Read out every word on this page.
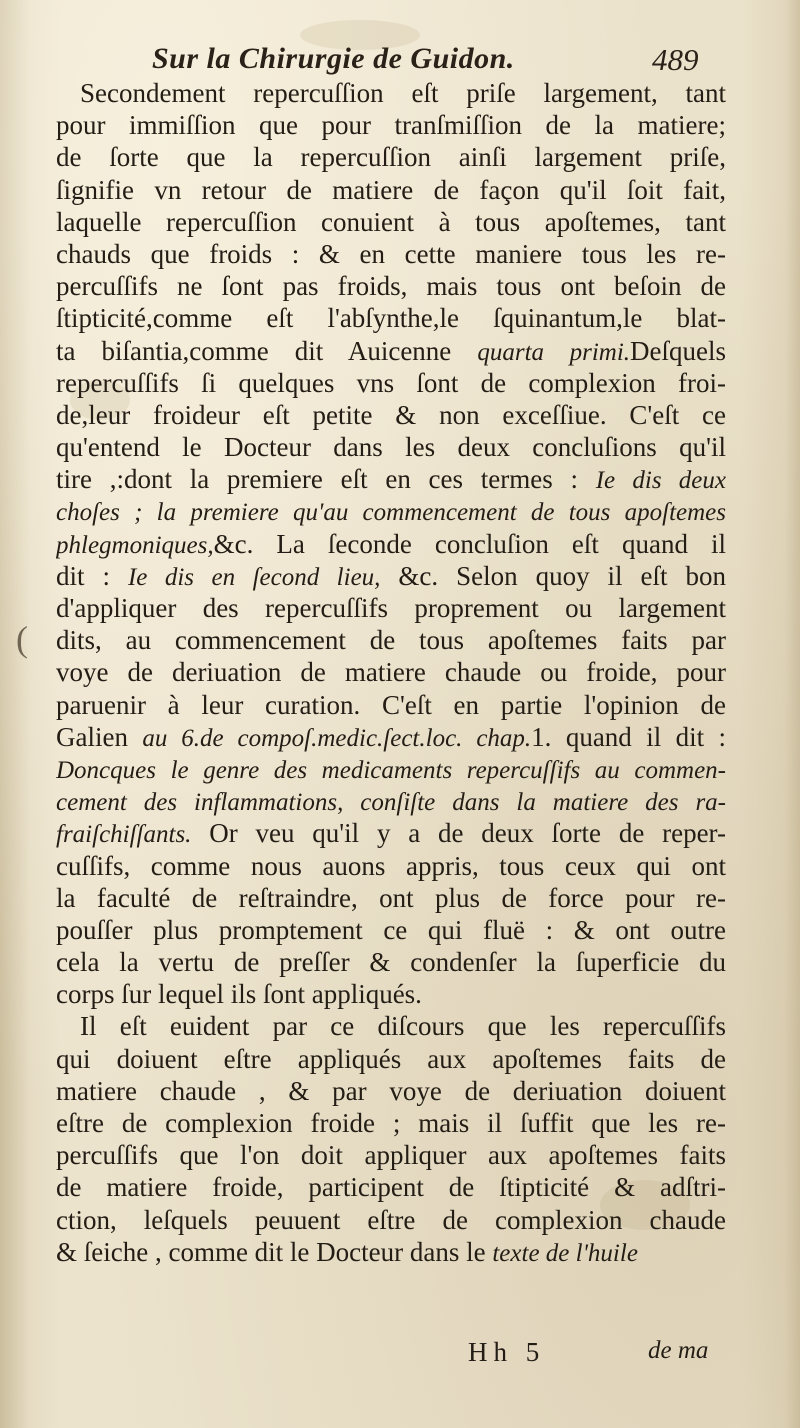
Sur la Chirurgie de Guidon.	489
Secondement repercuſſion eſt priſe largement, tant
pour immiſſion que pour tranſmiſſion de la matiere;
de ſorte que la repercuſſion ainſi largement priſe,
ſignifie vn retour de matiere de façon qu'il ſoit fait,
laquelle repercuſſion conuient à tous apoſtemes, tant
chauds que froids : & en cette maniere tous les re-
percuſſifs ne ſont pas froids, mais tous ont beſoin de
ſtipticité,comme eſt l'abſynthe,le ſquinantum,le blat-
ta biſantia,comme dit Auicenne quarta primi.Deſquels
repercuſſifs ſi quelques vns ſont de complexion froi-
de,leur froideur eſt petite & non exceſſiue. C'eſt ce
qu'entend le Docteur dans les deux concluſions qu'il
tire ,:dont la premiere eſt en ces termes : Ie dis deux
choſes ; la premiere qu'au commencement de tous apoſtemes
phlegmoniques,&c. La ſeconde concluſion eſt quand il
dit : Ie dis en ſecond lieu, &c. Selon quoy il eſt bon
d'appliquer des repercuſſifs proprement ou largement
dits, au commencement de tous apoſtemes faits par
voye de deriuation de matiere chaude ou froide, pour
paruenir à leur curation. C'eſt en partie l'opinion de
Galien au 6.de compoſ.medic.ſect.loc. chap.1. quand il dit :
Doncques le genre des medicaments repercuſſifs au commen-
cement des inflammations, conſiſte dans la matiere des ra-
fraiſchiſſants. Or veu qu'il y a de deux ſorte de reper-
cuſſifs, comme nous auons appris, tous ceux qui ont
la faculté de reſtraindre, ont plus de force pour re-
pouſſer plus promptement ce qui fluë : & ont outre
cela la vertu de preſſer & condenſer la ſuperficie du
corps ſur lequel ils ſont appliqués.
Il eſt euident par ce diſcours que les repercuſſifs
qui doiuent eſtre appliqués aux apoſtemes faits de
matiere chaude , & par voye de deriuation doiuent
eſtre de complexion froide ; mais il ſuffit que les re-
percuſſifs que l'on doit appliquer aux apoſtemes faits
de matiere froide, participent de ſtipticité & adſtri-
ction, leſquels peuuent eſtre de complexion chaude
& ſeiche , comme dit le Docteur dans le texte de l'huile
(
Hh 5	de ma
